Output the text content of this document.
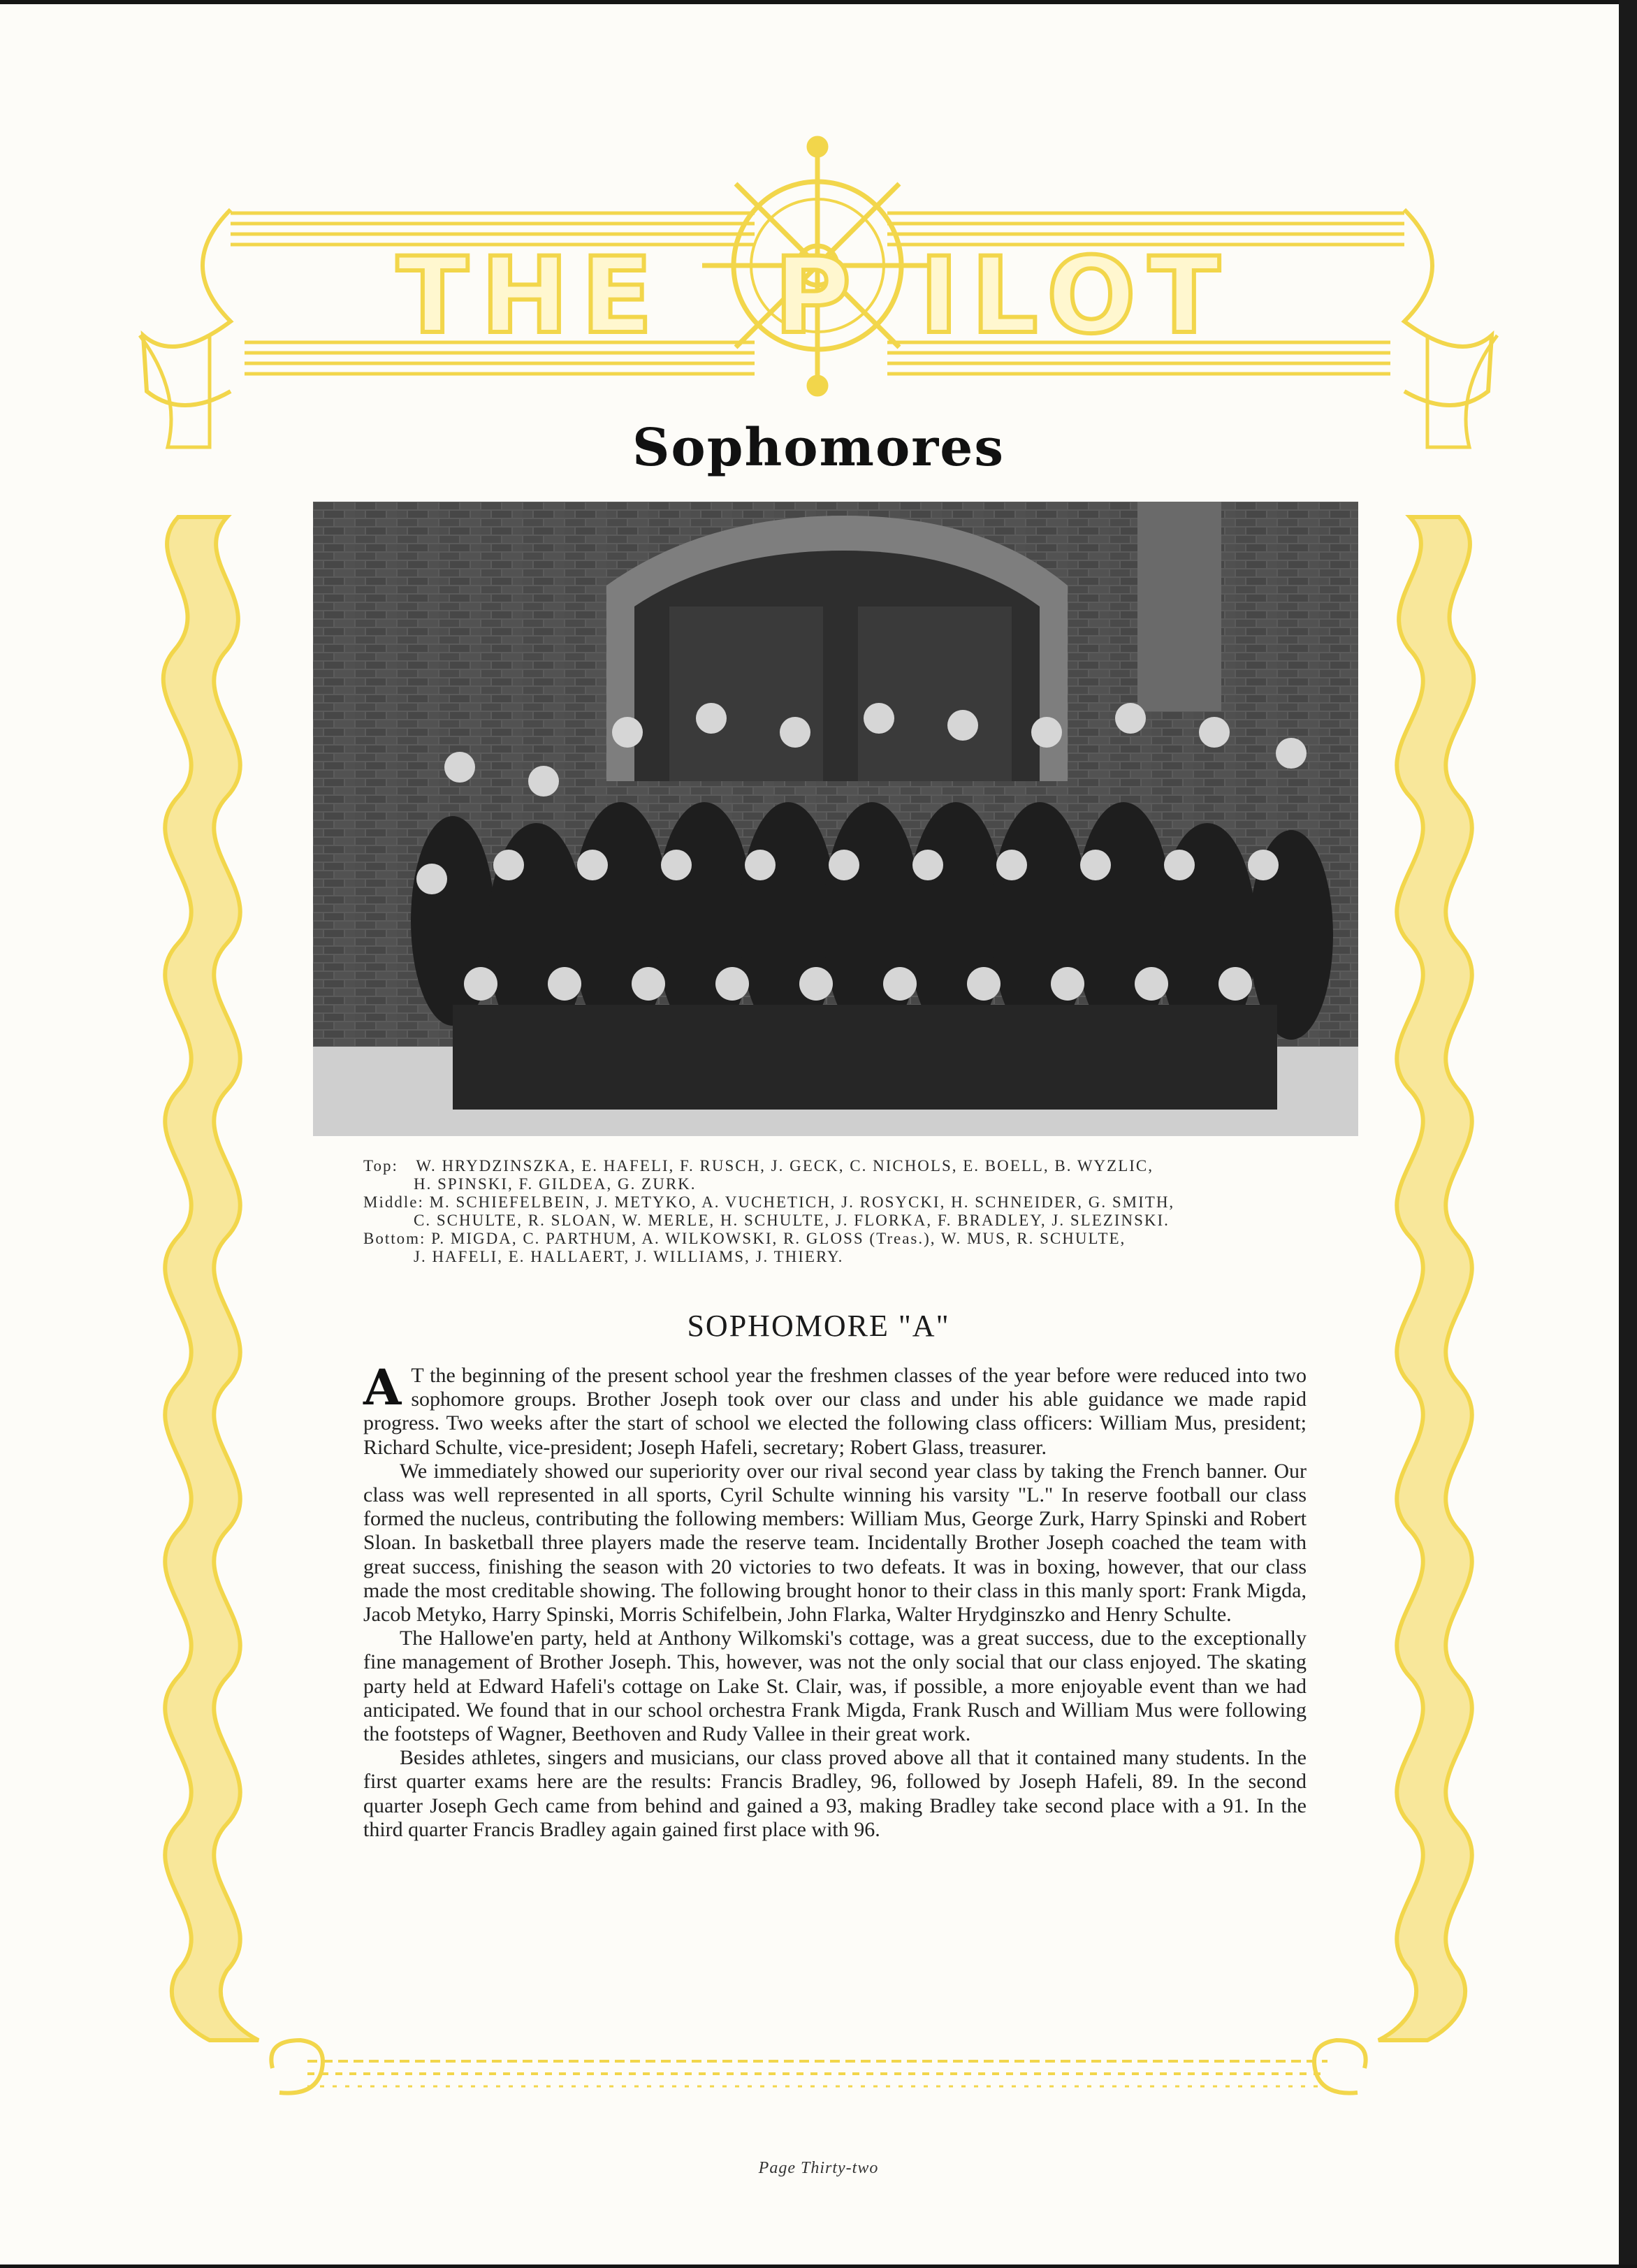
THE P ILOT
Sophomores
Top: W. HRYDZINSZKA, E. HAFELI, F. RUSCH, J. GECK, C. NICHOLS, E. BOELL, B. WYZLIC,
H. SPINSKI, F. GILDEA, G. ZURK.
Middle: M. SCHIEFELBEIN, J. METYKO, A. VUCHETICH, J. ROSYCKI, H. SCHNEIDER, G. SMITH,
C. SCHULTE, R. SLOAN, W. MERLE, H. SCHULTE, J. FLORKA, F. BRADLEY, J. SLEZINSKI.
Bottom: P. MIGDA, C. PARTHUM, A. WILKOWSKI, R. GLOSS (Treas.), W. MUS, R. SCHULTE,
J. HAFELI, E. HALLAERT, J. WILLIAMS, J. THIERY.
SOPHOMORE "A"

A T the beginning of the present school year the freshmen classes of the year before were reduced into two sophomore groups. Brother Joseph took over our class and under his able guidance we made rapid progress. Two weeks after the start of school we elected the following class officers: William Mus, president; Richard Schulte, vice-president; Joseph Hafeli, secretary; Robert Glass, treasurer.

We immediately showed our superiority over our rival second year class by taking the French banner. Our class was well represented in all sports, Cyril Schulte winning his varsity "L." In reserve football our class formed the nucleus, contributing the following members: William Mus, George Zurk, Harry Spinski and Robert Sloan. In basketball three players made the reserve team. Incidentally Brother Joseph coached the team with great success, finishing the season with 20 victories to two defeats. It was in boxing, however, that our class made the most creditable showing. The following brought honor to their class in this manly sport: Frank Migda, Jacob Metyko, Harry Spinski, Morris Schifelbein, John Flarka, Walter Hrydginszko and Henry Schulte.

The Hallowe'en party, held at Anthony Wilkomski's cottage, was a great success, due to the exceptionally fine management of Brother Joseph. This, however, was not the only social that our class enjoyed. The skating party held at Edward Hafeli's cottage on Lake St. Clair, was, if possible, a more enjoyable event than we had anticipated. We found that in our school orchestra Frank Migda, Frank Rusch and William Mus were following the footsteps of Wagner, Beethoven and Rudy Vallee in their great work.

Besides athletes, singers and musicians, our class proved above all that it contained many students. In the first quarter exams here are the results: Francis Bradley, 96, followed by Joseph Hafeli, 89. In the second quarter Joseph Gech came from behind and gained a 93, making Bradley take second place with a 91. In the third quarter Francis Bradley again gained first place with 96.

Page Thirty-two
